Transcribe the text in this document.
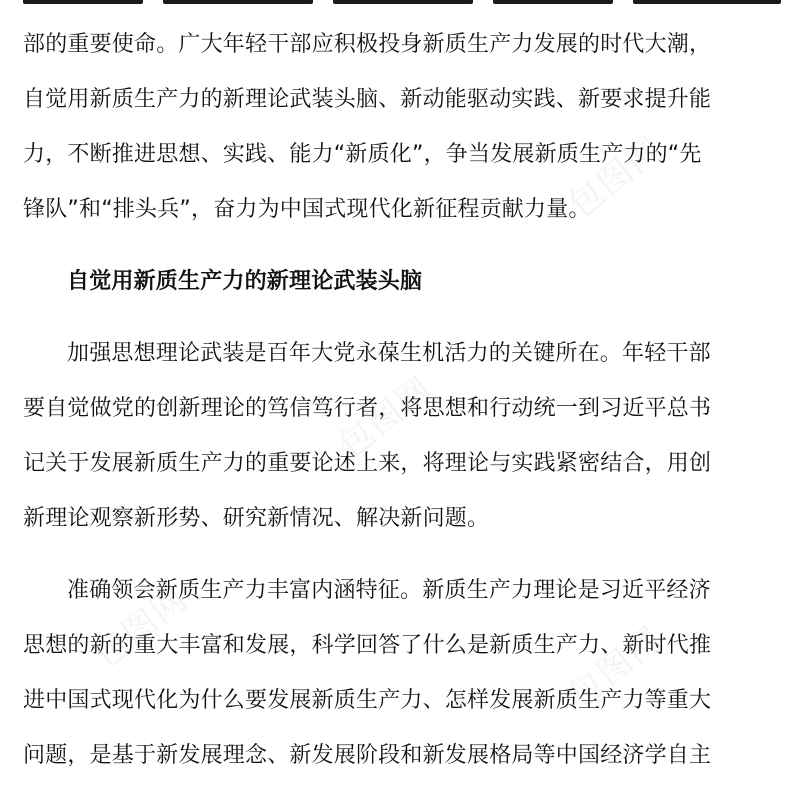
部的重要使命。广大年轻干部应积极投身新质生产力发展的时代大潮，
自觉用新质生产力的新理论武装头脑、新动能驱动实践、新要求提升能
力，不断推进思想、实践、能力“新质化”，争当发展新质生产力的“先
锋队”和“排头兵”，奋力为中国式现代化新征程贡献力量。
自觉用新质生产力的新理论武装头脑
加强思想理论武装是百年大党永葆生机活力的关键所在。年轻干部
要自觉做党的创新理论的笃信笃行者，将思想和行动统一到习近平总书
记关于发展新质生产力的重要论述上来，将理论与实践紧密结合，用创
新理论观察新形势、研究新情况、解决新问题。
准确领会新质生产力丰富内涵特征。新质生产力理论是习近平经济
思想的新的重大丰富和发展，科学回答了什么是新质生产力、新时代推
进中国式现代化为什么要发展新质生产力、怎样发展新质生产力等重大
问题，是基于新发展理念、新发展阶段和新发展格局等中国经济学自主
包图网
包图网
包图网	包图网
